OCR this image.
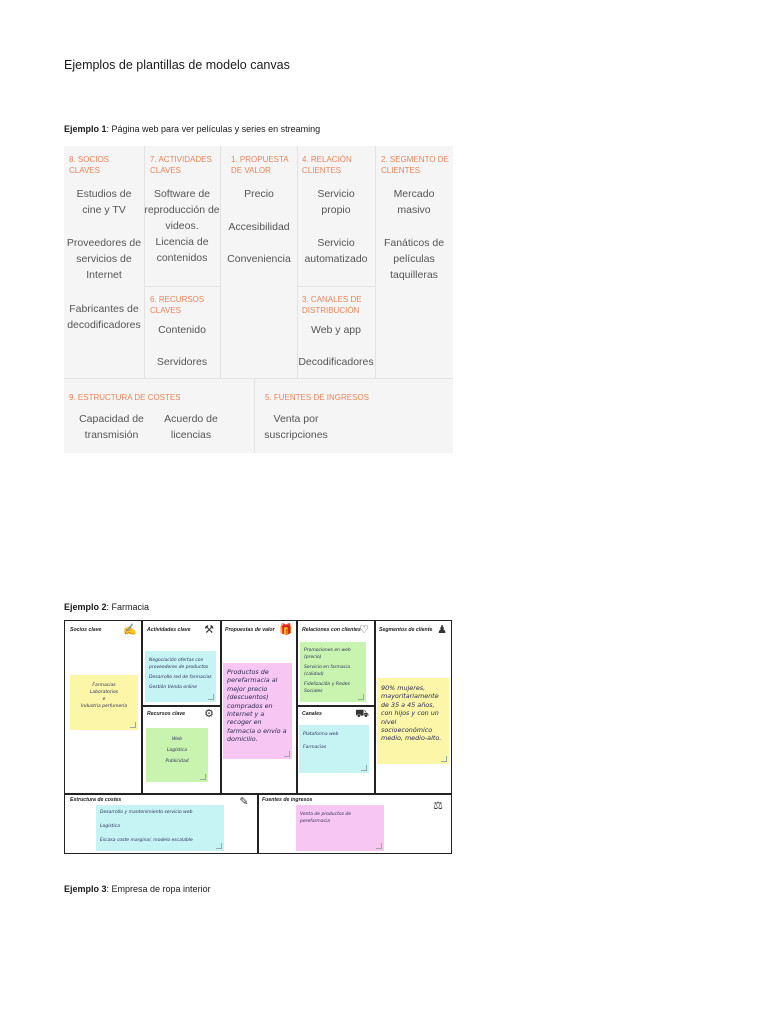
Ejemplos de plantillas de modelo canvas
Ejemplo 1: Página web para ver películas y series en streaming
8. SOCIOS
CLAVES
Estudios de
cine y TV
Proveedores de
servicios de
Internet
Fabricantes de
decodificadores
7. ACTIVIDADES
CLAVES
Software de
reproducción de
videos.
Licencia de
contenidos
6. RECURSOS
CLAVES
Contenido
Servidores
1. PROPUESTA
DE VALOR
Precio
Accesibilidad
Conveniencia
4. RELACIÓN
CLIENTES
Servicio
propio
Servicio
automatizado
3. CANALES DE
DISTRIBUCIÓN
Web y app
Decodificadores
2. SEGMENTO DE
CLIENTES
Mercado
masivo
Fanáticos de
películas
taquilleras
9. ESTRUCTURA DE COSTES
Capacidad de
transmisión
Acuerdo de
licencias
5. FUENTES DE INGRESOS
Venta por
suscripciones
Ejemplo 2: Farmacia
Socios clave	Actividades clave	Propuestas de valor	Relaciones con clientes	Segmentos de cliente
Recursos clave	Canales
Estructura de costes	Fuentes de ingresos
✍	⚒	🎁	♡	♟
⚙	⛟
✎	⚖
Farmacias
Laboratorios
e
Industria perfumería
Negociación ofertas con
proveedores de productos
Desarrollo red de farmacias
Gestión tienda online
Web
Logística
Publicidad
Productos de
perefarmacia al
mejor precio
(descuentos)
comprados en
Internet y a
recoger en
farmacia o envío a
domicilio.
Promociones en web
(precio)
Servicio en farmacia
(calidad)
Fidelización y Redes
Sociales
Plataforma web
Farmacias
90% mujeres,
mayoritariamente
de 35 a 45 años,
con hijos y con un
nivel
socioeconómico
medio, medio-alto.
Desarrollo y mantenimiento servicio web
Logística
Escasa coste marginal, modelo escalable
Venta de productos de
perefarmacia
Ejemplo 3: Empresa de ropa interior
